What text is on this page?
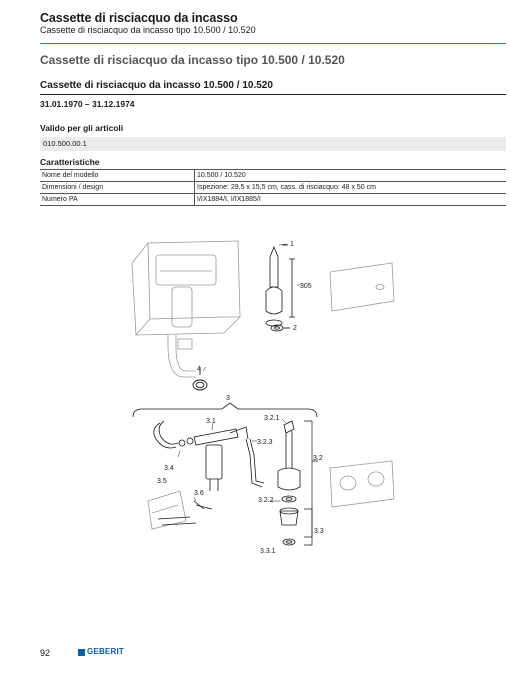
Cassette di risciacquo da incasso
Cassette di risciacquo da incasso tipo 10.500 / 10.520
Cassette di risciacquo da incasso tipo 10.500 / 10.520
Cassette di risciacquo da incasso 10.500 / 10.520
31.01.1970 – 31.12.1974
Valido per gli articoli
010.500.00.1
Caratteristiche
Nome del modello	10.500 / 10.520
Dimensioni / design	Ispezione: 29,5 x 15,5 cm, cass. di risciacquo: 48 x 50 cm
Numero PA	I/IX1884/I, I/IX1885/I
1
2
305
4
3
3.1	3.2.1
3.2.3
3.2
3.4
3.5
3.6
3.2.2
3.3
3.3.1
92	GEBERIT
